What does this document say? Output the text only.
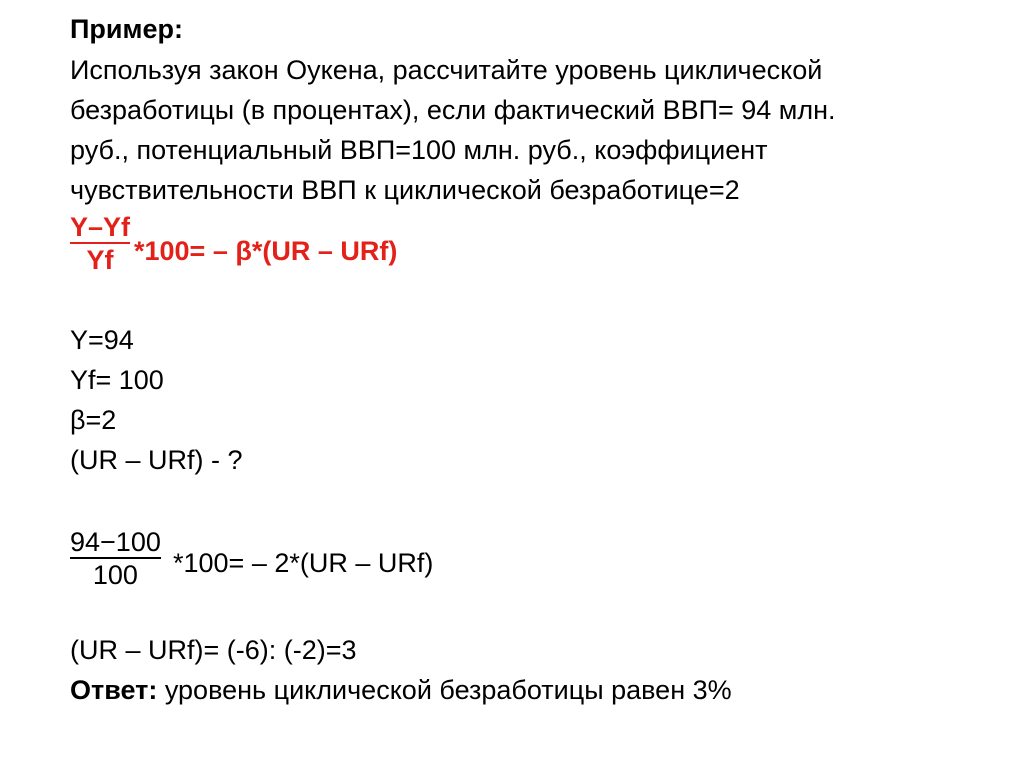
Пример:
Используя закон Оукена, рассчитайте уровень циклической
безработицы (в процентах), если фактический ВВП= 94 млн.
руб., потенциальный ВВП=100 млн. руб., коэффициент
чувствительности ВВП к циклической безработице=2
Y–Yf
Yf *100= – β*(UR – URf)
Y=94
Yf= 100
β=2
(UR – URf) - ?
94−100
100	*100= – 2*(UR – URf)
(UR – URf)= (-6): (-2)=3
Ответ: уровень циклической безработицы равен 3%
